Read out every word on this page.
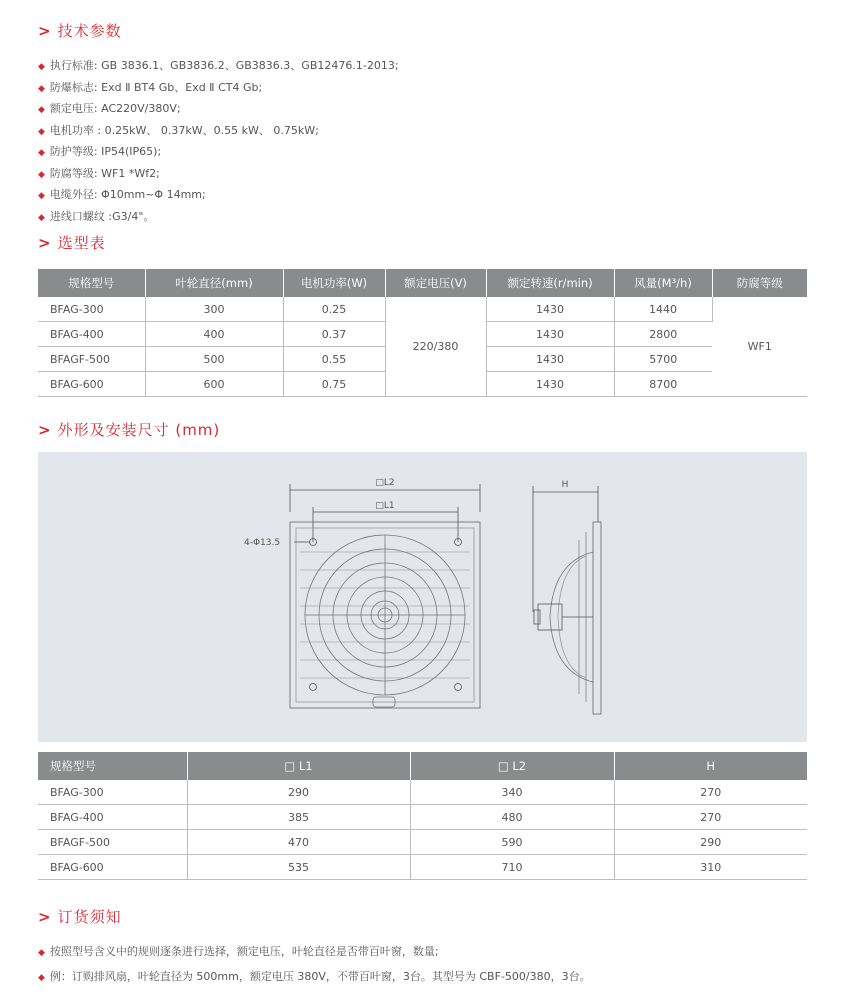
> 技术参数
◆ 执行标准: GB 3836.1、GB3836.2、GB3836.3、GB12476.1-2013;
◆ 防爆标志: Exd Ⅱ BT4 Gb、Exd Ⅱ CT4 Gb;
◆ 额定电压: AC220V/380V;
◆ 电机功率 : 0.25kW、 0.37kW、0.55 kW、 0.75kW;
◆ 防护等级: IP54(IP65);
◆ 防腐等级: WF1 *Wf2;
◆ 电缆外径: Φ10mm~Φ 14mm;
◆ 进线口螺纹 :G3/4"。
> 选型表
规格型号	叶轮直径(mm)	电机功率(W)	额定电压(V)	额定转速(r/min)	风量(M³/h)	防腐等级
BFAG-300	300	0.25	220/380	1430	1440	WF1
BFAG-400	400	0.37		1430	2800	
BFAGF-500	500	0.55		1430	5700	
BFAG-600	600	0.75		1430	8700	
> 外形及安装尺寸 (mm)
□L2
□L1
4-Φ13.5
H
规格型号	□ L1	□ L2	H
BFAG-300	290	340	270
BFAG-400	385	480	270
BFAGF-500	470	590	290
BFAG-600	535	710	310
> 订货须知
◆ 按照型号含义中的规则逐条进行选择，额定电压，叶轮直径是否带百叶窗，数量;
◆ 例：订购排风扇，叶轮直径为 500mm，额定电压 380V，不带百叶窗，3台。其型号为 CBF-500/380，3台。
